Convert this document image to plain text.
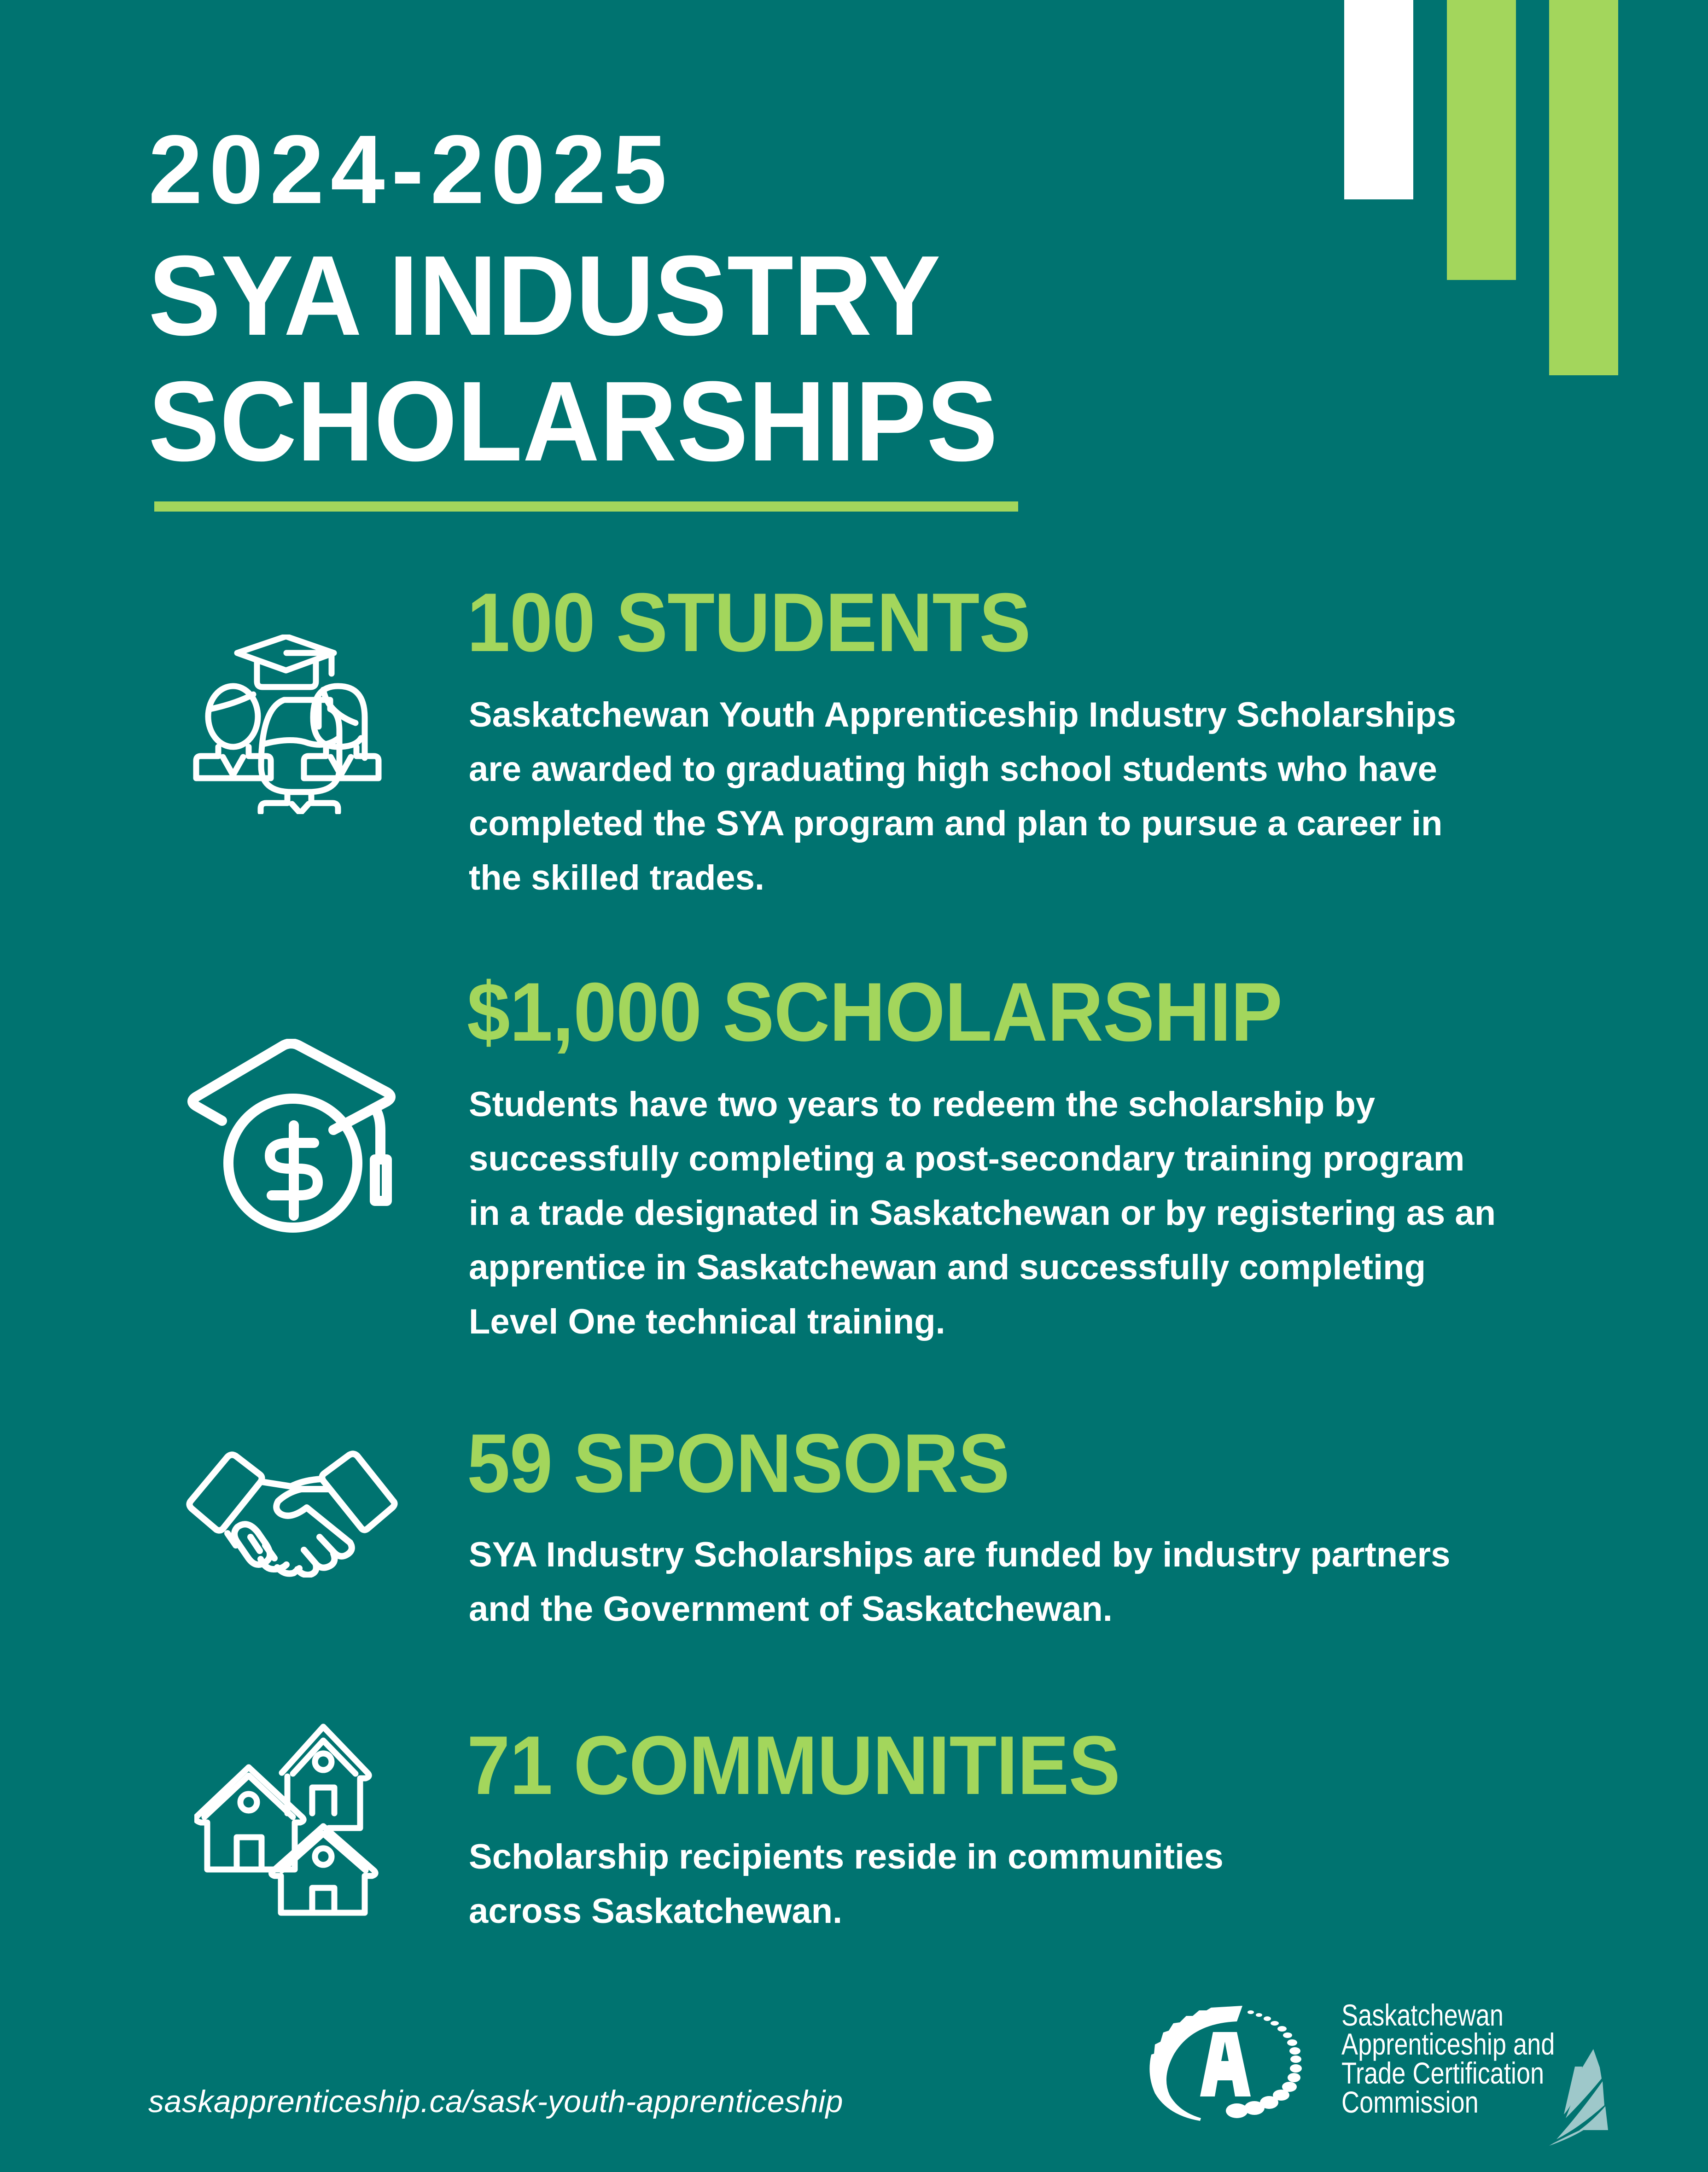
2024-2025
SYA INDUSTRY
SCHOLARSHIPS
100 STUDENTS
Saskatchewan Youth Apprenticeship Industry Scholarships
are awarded to graduating high school students who have
completed the SYA program and plan to pursue a career in
the skilled trades.
$1,000 SCHOLARSHIP
Students have two years to redeem the scholarship by
successfully completing a post-secondary training program
in a trade designated in Saskatchewan or by registering as an
apprentice in Saskatchewan and successfully completing
Level One technical training.
59 SPONSORS
SYA Industry Scholarships are funded by industry partners
and the Government of Saskatchewan.
71 COMMUNITIES
Scholarship recipients reside in communities
across Saskatchewan.
saskapprenticeship.ca/sask-youth-apprenticeship
Saskatchewan
Apprenticeship and
Trade Certification
Commission
